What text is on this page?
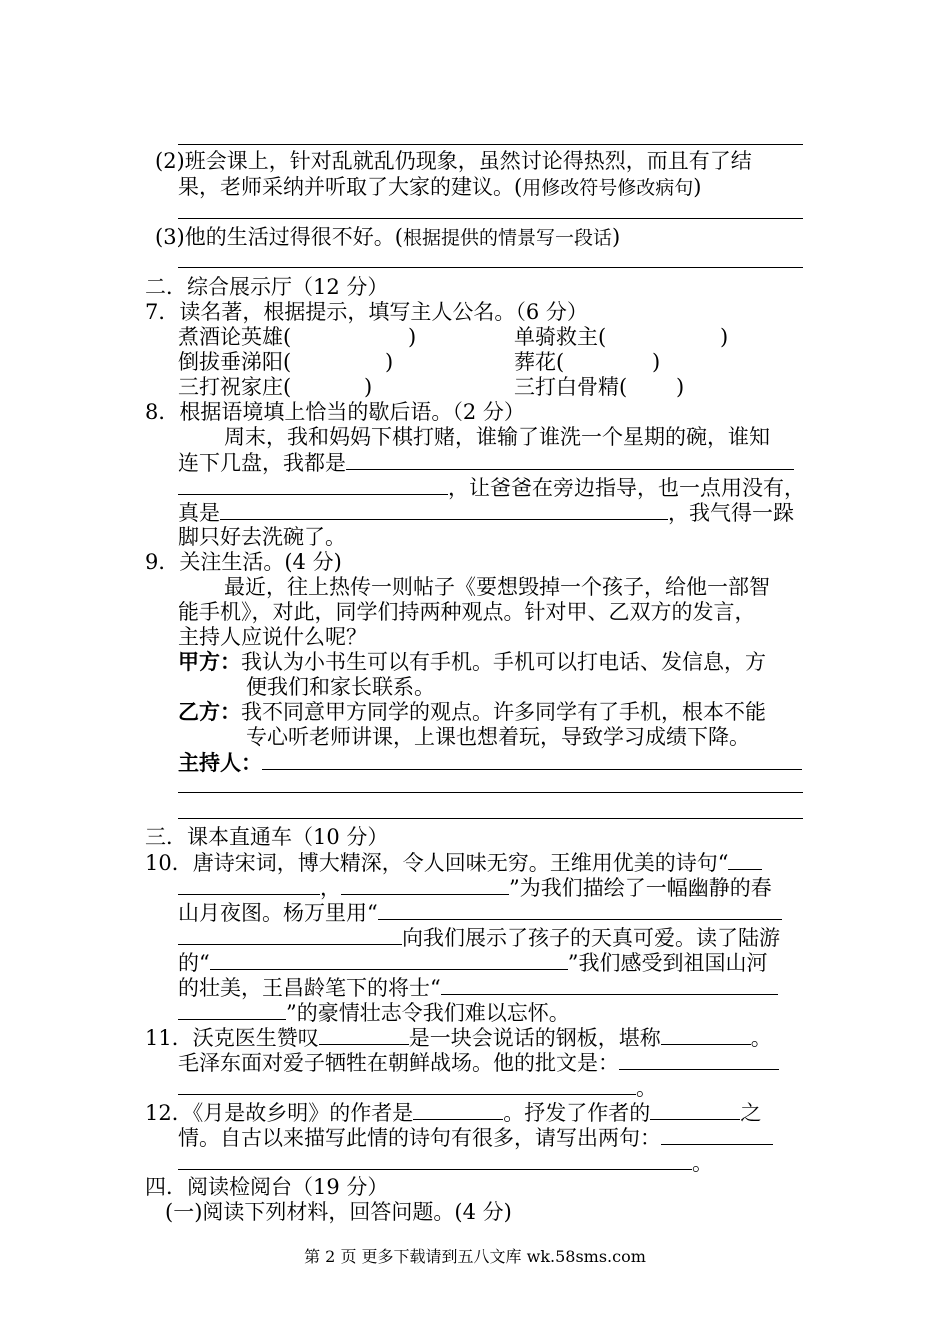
(2)班会课上，针对乱就乱仍现象，虽然讨论得热烈，而且有了结
果，老师采纳并听取了大家的建议。(用修改符号修改病句)
(3)他的生活过得很不好。(根据提供的情景写一段话)
二．综合展示厅（12 分）
7．读名著，根据提示，填写主人公名。（6 分）
煮酒论英雄(	)	单骑救主(	)
倒拔垂涕阳(	)	葬花(	)
三打祝家庄(	)	三打白骨精( )
8．根据语境填上恰当的歇后语。（2 分）
周末，我和妈妈下棋打赌，谁输了谁洗一个星期的碗，谁知
连下几盘，我都是
，让爸爸在旁边指导，也一点用没有，
真是	，我气得一跺
脚只好去洗碗了。
9．关注生活。(4 分)
最近，往上热传一则帖子《要想毁掉一个孩子，给他一部智
能手机》，对此，同学们持两种观点。针对甲、乙双方的发言，
主持人应说什么呢？
甲方：我认为小书生可以有手机。手机可以打电话、发信息，方
便我们和家长联系。
乙方：我不同意甲方同学的观点。许多同学有了手机，根本不能
专心听老师讲课，上课也想着玩，导致学习成绩下降。
主持人：
三．课本直通车（10 分）
10．唐诗宋词，博大精深，令人回味无穷。王维用优美的诗句“
，	”为我们描绘了一幅幽静的春
山月夜图。杨万里用“
向我们展示了孩子的天真可爱。读了陆游
的“	”我们感受到祖国山河
的壮美，王昌龄笔下的将士“
”的豪情壮志令我们难以忘怀。
11．沃克医生赞叹	是一块会说话的钢板，堪称	。
毛泽东面对爱子牺牲在朝鲜战场。他的批文是：
。
12．《月是故乡明》的作者是	。抒发了作者的	之
情。自古以来描写此情的诗句有很多，请写出两句：
。
四．阅读检阅台（19 分）
(一)阅读下列材料，回答问题。(4 分)
第 2 页 更多下载请到五八文库 wk.58sms.com
